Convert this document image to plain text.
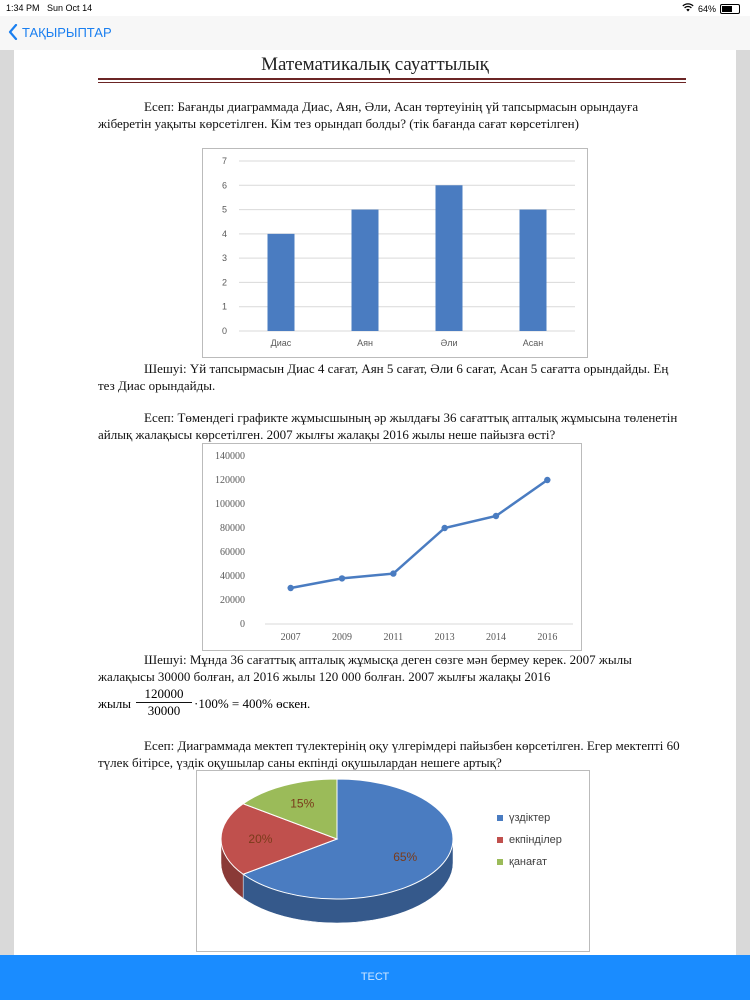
1:34 PM Sun Oct 14	64%
ТАҚЫРЫПТАР
Математикалық сауаттылық

Есеп: Бағанды диаграммада Диас, Аян, Әли, Асан төртеуінің үй тапсырмасын орындауға жіберетін уақыты көрсетілген. Кім тез орындап болды? (тік бағанда сағат көрсетілген)

0
1
2
3
4
5
6
7
Диас	Аян	Әли	Асан

Шешуі: Үй тапсырмасын Диас 4 сағат, Аян 5 сағат, Әли 6 сағат, Асан 5 сағатта орындайды. Ең тез Диас орындайды.

Есеп: Төмендегі графикте жұмысшының әр жылдағы 36 сағаттық апталық жұмысына төленетін айлық жалақысы көрсетілген. 2007 жылғы жалақы 2016 жылы неше пайызға өсті?

0
20000
40000
60000
80000
100000
120000
140000
2007	2009	2011	2013	2014	2016

Шешуі: Мұнда 36 сағаттық апталық жұмысқа деген сөзге мән бермеу керек. 2007 жылы жалақысы 30000 болған, ал 2016 жылы 120 000 болған. 2007 жылғы жалақы 2016

жылы $\frac{120000}{30000} \cdot 100\% = 400\%$ өскен.

Есеп: Диаграммада мектеп түлектерінің оқу үлгерімдері пайызбен көрсетілген. Егер мектепті 60 түлек бітірсе, үздік оқушылар саны екпінді оқушылардан нешеге артық?

65%
20%
15%
үздіктер
екпінділер
қанағат
ТЕСТ
